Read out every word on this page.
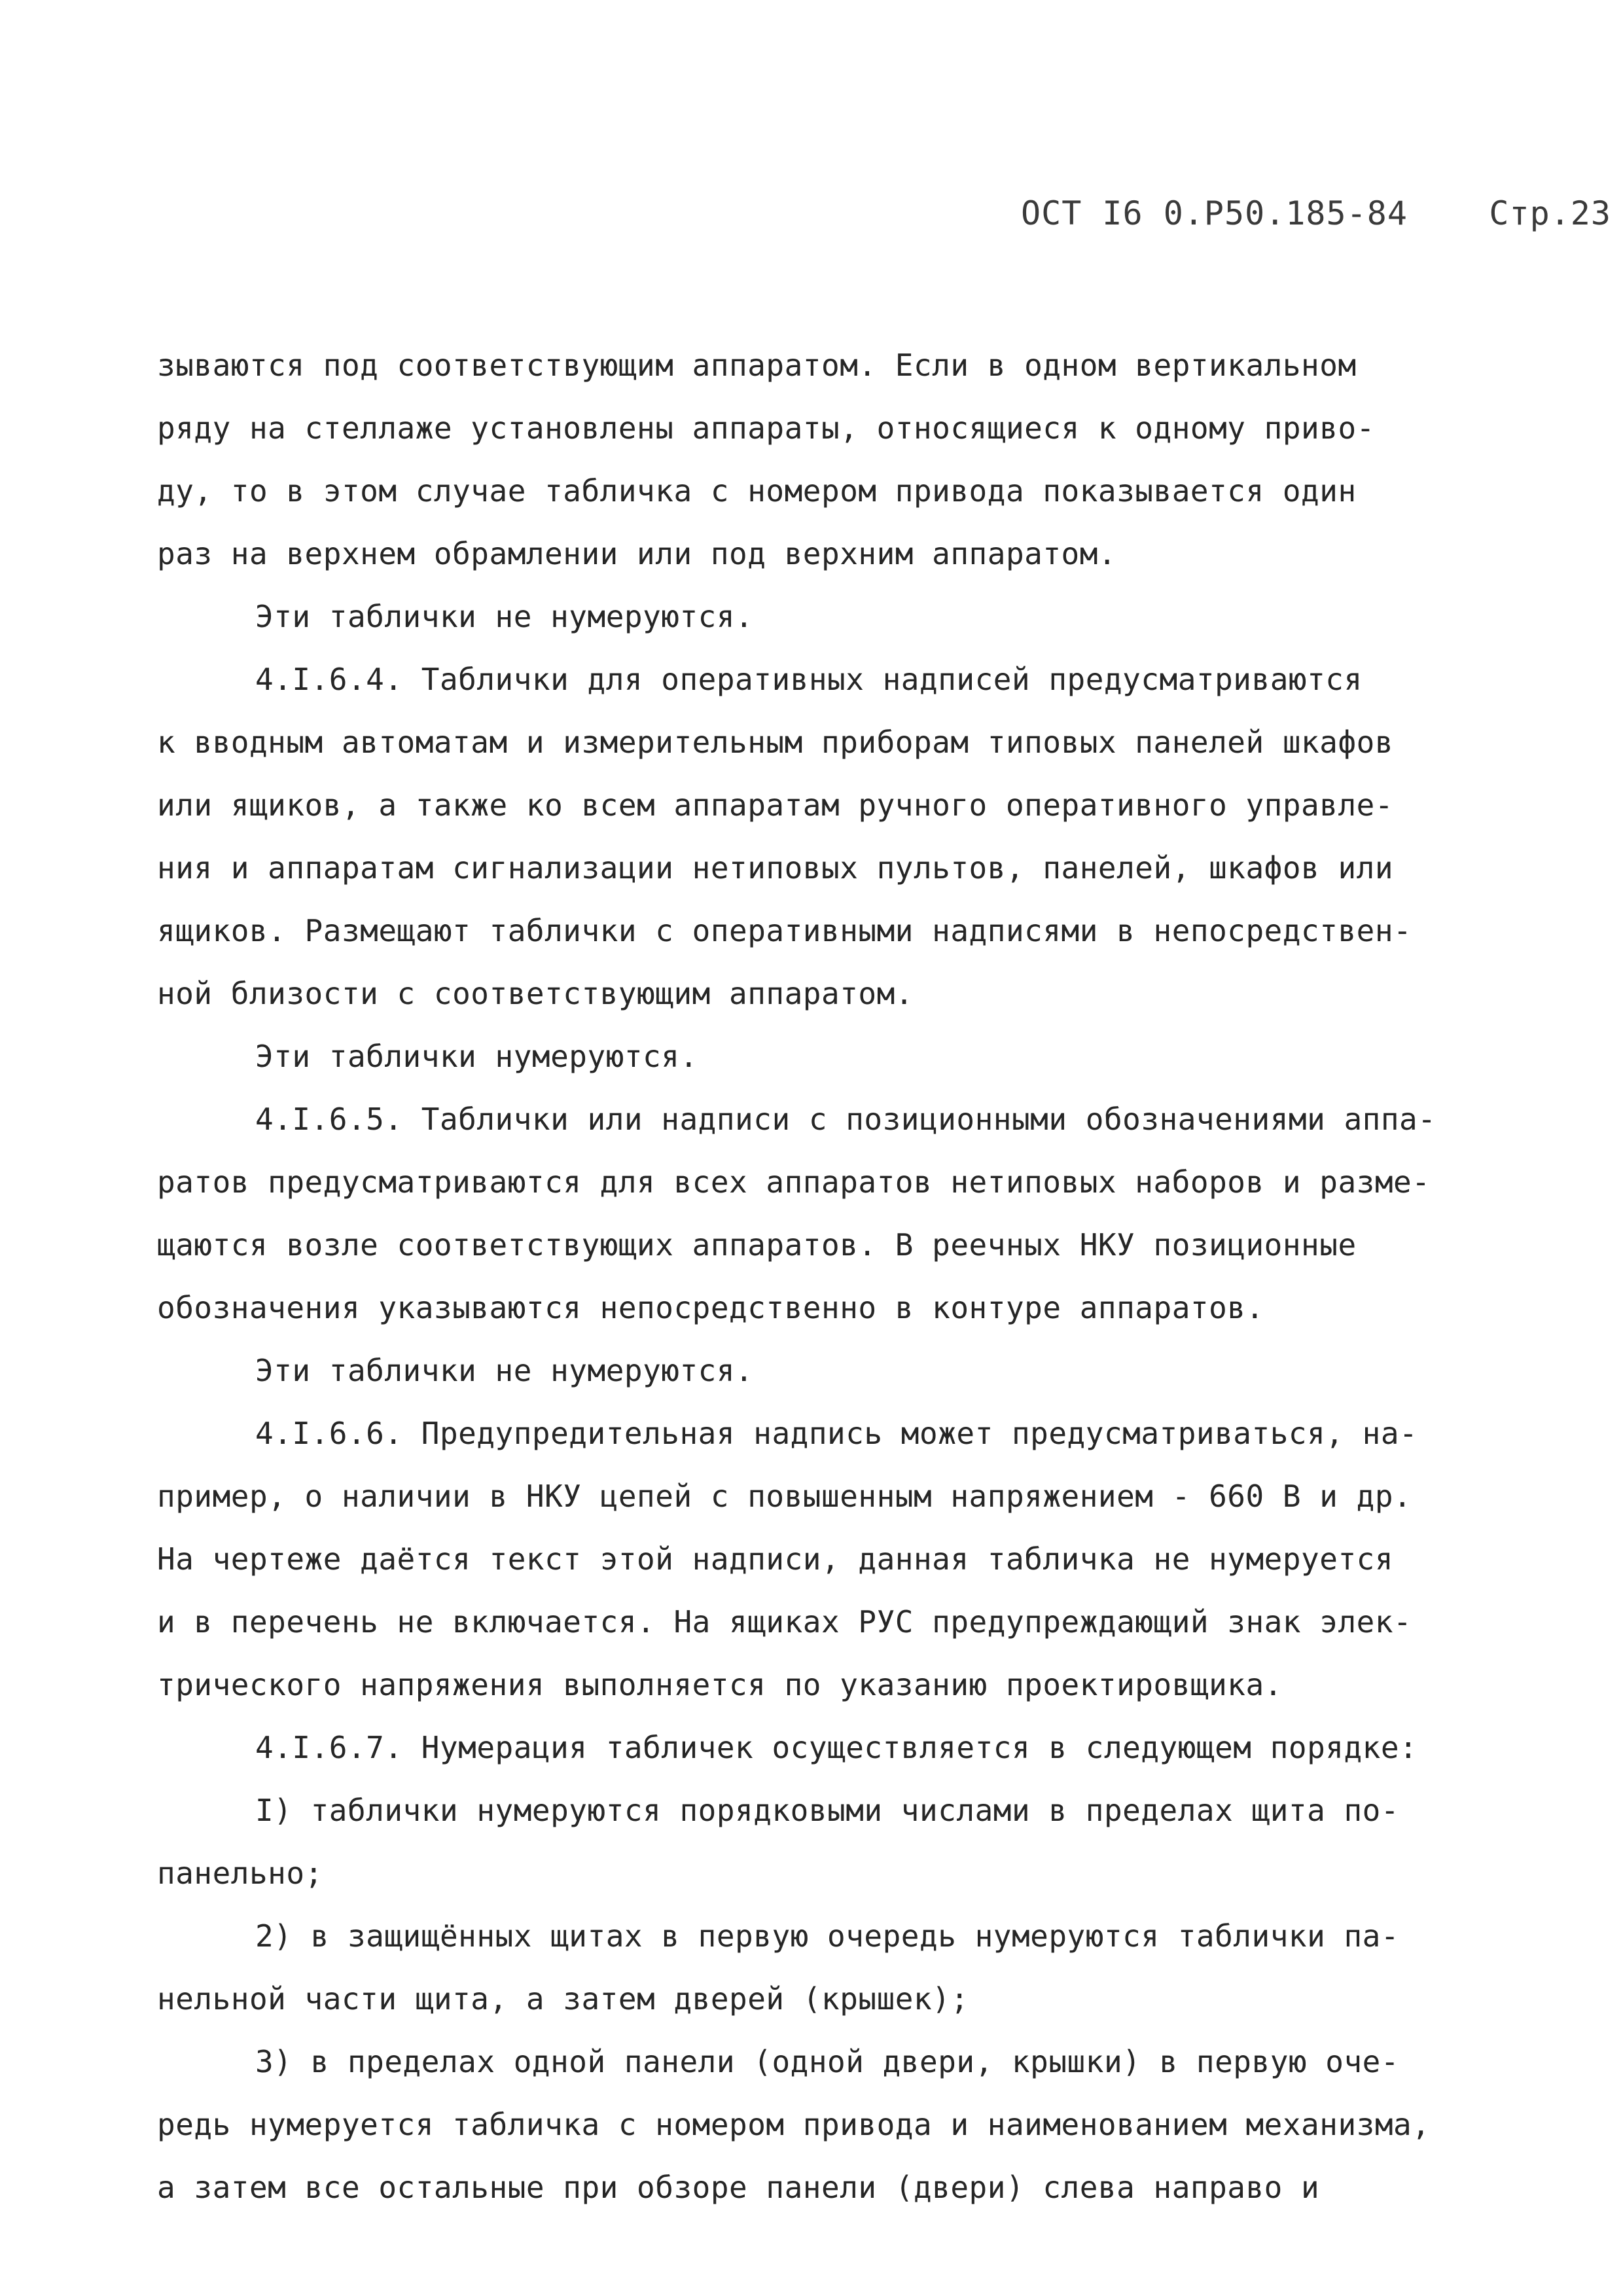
ОСТ I6 0.Р50.185-84 Стр.23
зываются под соответствующим аппаратом. Если в одном вертикальном
ряду на стеллаже установлены аппараты, относящиеся к одному приво-
ду, то в этом случае табличка с номером привода показывается один
раз на верхнем обрамлении или под верхним аппаратом.
Эти таблички не нумеруются.
4.I.6.4. Таблички для оперативных надписей предусматриваются
к вводным автоматам и измерительным приборам типовых панелей шкафов
или ящиков, а также ко всем аппаратам ручного оперативного управле-
ния и аппаратам сигнализации нетиповых пультов, панелей, шкафов или
ящиков. Размещают таблички с оперативными надписями в непосредствен-
ной близости с соответствующим аппаратом.
Эти таблички нумеруются.
4.I.6.5. Таблички или надписи с позиционными обозначениями аппа-
ратов предусматриваются для всех аппаратов нетиповых наборов и разме-
щаются возле соответствующих аппаратов. В реечных НКУ позиционные
обозначения указываются непосредственно в контуре аппаратов.
Эти таблички не нумеруются.
4.I.6.6. Предупредительная надпись может предусматриваться, на-
пример, о наличии в НКУ цепей с повышенным напряжением - 660 В и др.
На чертеже даётся текст этой надписи, данная табличка не нумеруется
и в перечень не включается. На ящиках РУС предупреждающий знак элек-
трического напряжения выполняется по указанию проектировщика.
4.I.6.7. Нумерация табличек осуществляется в следующем порядке:
I) таблички нумеруются порядковыми числами в пределах щита по-
панельно;
2) в защищённых щитах в первую очередь нумеруются таблички па-
нельной части щита, а затем дверей (крышек);
3) в пределах одной панели (одной двери, крышки) в первую оче-
редь нумеруется табличка с номером привода и наименованием механизма,
а затем все остальные при обзоре панели (двери) слева направо и
